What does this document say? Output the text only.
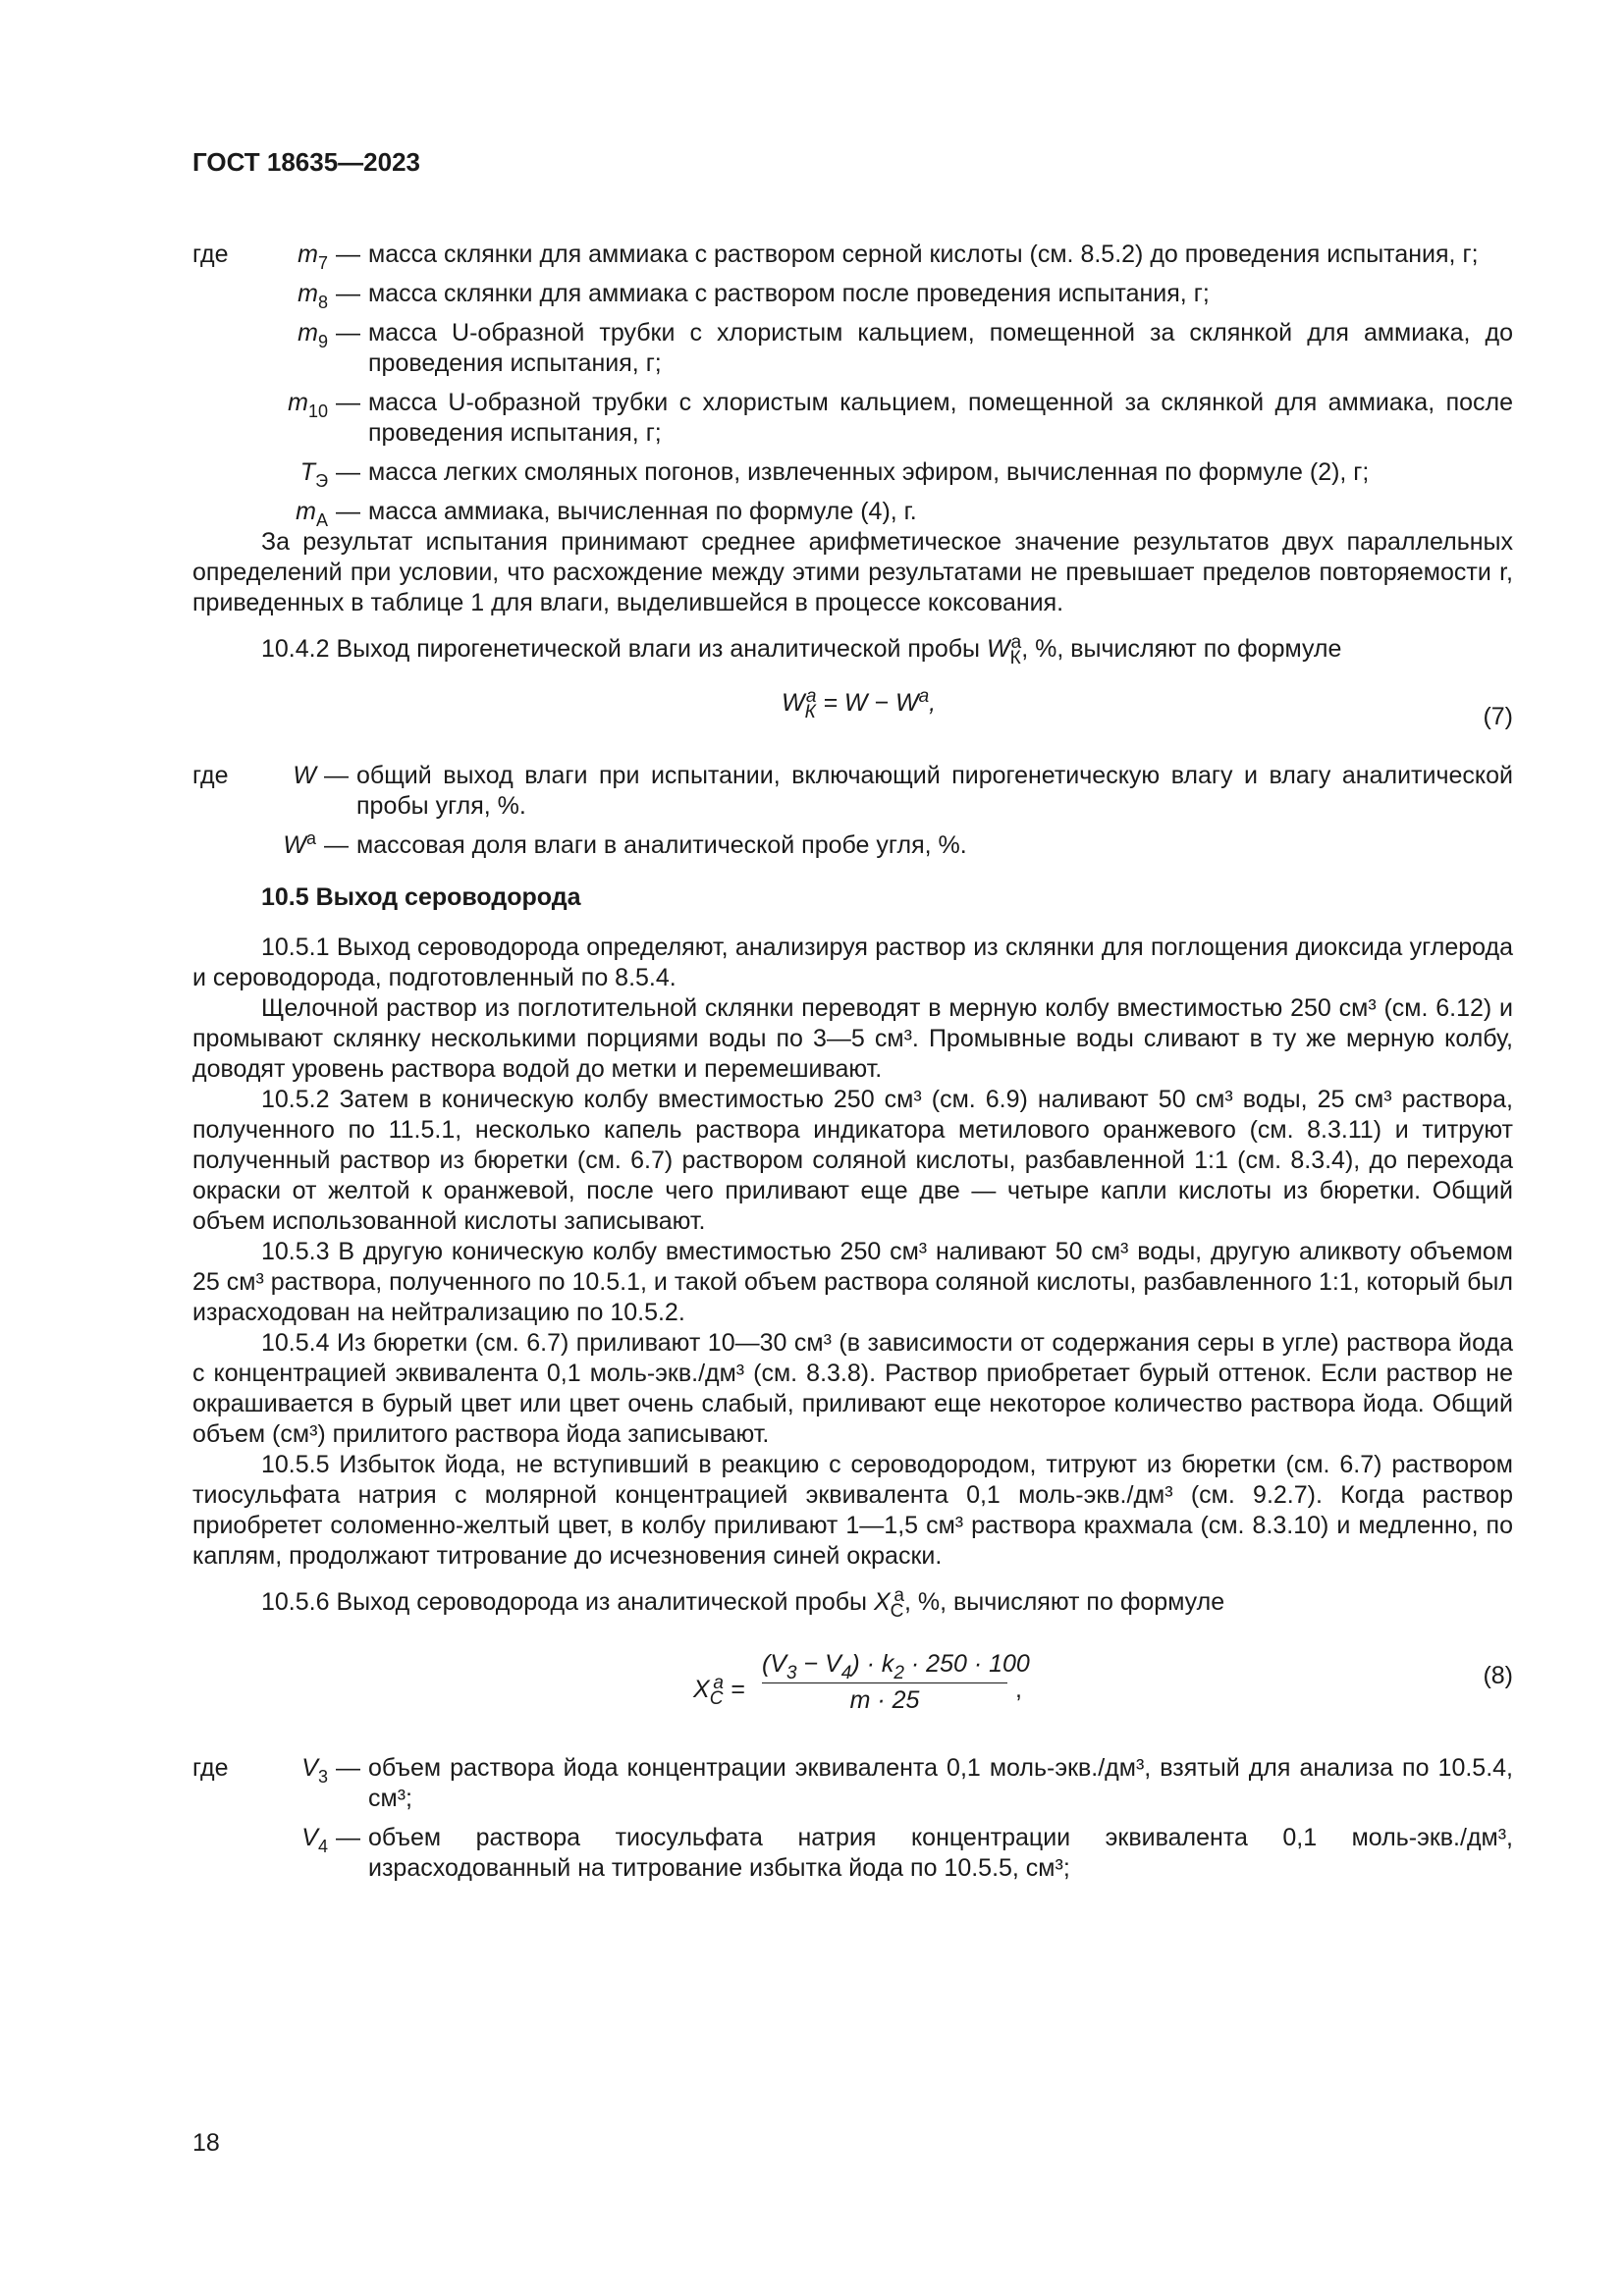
ГОСТ 18635—2023
где	$m_7$ — масса склянки для аммиака с раствором серной кислоты (см. 8.5.2) до проведения испытания, г;
$m_8$ — масса склянки для аммиака с раствором после проведения испытания, г;
$m_9$ — масса U-образной трубки с хлористым кальцием, помещенной за склянкой для аммиака, до проведения испытания, г;
$m_{10}$ — масса U-образной трубки с хлористым кальцием, помещенной за склянкой для аммиака, после проведения испытания, г;
$T_Э$ — масса легких смоляных погонов, извлеченных эфиром, вычисленная по формуле (2), г;
$m_A$ — масса аммиака, вычисленная по формуле (4), г.

За результат испытания принимают среднее арифметическое значение результатов двух параллельных определений при условии, что расхождение между этими результатами не превышает пределов повторяемости r, приведенных в таблице 1 для влаги, выделившейся в процессе коксования.

10.4.2 Выход пирогенетической влаги из аналитической пробы $W_К^а$, %, вычисляют по формуле

$W_К^а = W - W^а$,	(7)
где	W — общий выход влаги при испытании, включающий пирогенетическую влагу и влагу аналитической пробы угля, %.
$W^a$ — массовая доля влаги в аналитической пробе угля, %.
10.5 Выход сероводорода

10.5.1 Выход сероводорода определяют, анализируя раствор из склянки для поглощения диоксида углерода и сероводорода, подготовленный по 8.5.4.

Щелочной раствор из поглотительной склянки переводят в мерную колбу вместимостью 250 см³ (см. 6.12) и промывают склянку несколькими порциями воды по 3—5 см³. Промывные воды сливают в ту же мерную колбу, доводят уровень раствора водой до метки и перемешивают.

10.5.2 Затем в коническую колбу вместимостью 250 см³ (см. 6.9) наливают 50 см³ воды, 25 см³ раствора, полученного по 11.5.1, несколько капель раствора индикатора метилового оранжевого (см. 8.3.11) и титруют полученный раствор из бюретки (см. 6.7) раствором соляной кислоты, разбавленной 1:1 (см. 8.3.4), до перехода окраски от желтой к оранжевой, после чего приливают еще две — четыре капли кислоты из бюретки. Общий объем использованной кислоты записывают.

10.5.3 В другую коническую колбу вместимостью 250 см³ наливают 50 см³ воды, другую аликвоту объемом 25 см³ раствора, полученного по 10.5.1, и такой объем раствора соляной кислоты, разбавленного 1:1, который был израсходован на нейтрализацию по 10.5.2.

10.5.4 Из бюретки (см. 6.7) приливают 10—30 см³ (в зависимости от содержания серы в угле) раствора йода с концентрацией эквивалента 0,1 моль-экв./дм³ (см. 8.3.8). Раствор приобретает бурый оттенок. Если раствор не окрашивается в бурый цвет или цвет очень слабый, приливают еще некоторое количество раствора йода. Общий объем (см³) прилитого раствора йода записывают.

10.5.5 Избыток йода, не вступивший в реакцию с сероводородом, титруют из бюретки (см. 6.7) раствором тиосульфата натрия с молярной концентрацией эквивалента 0,1 моль-экв./дм³ (см. 9.2.7). Когда раствор приобретет соломенно-желтый цвет, в колбу приливают 1—1,5 см³ раствора крахмала (см. 8.3.10) и медленно, по каплям, продолжают титрование до исчезновения синей окраски.

10.5.6 Выход сероводорода из аналитической пробы $X_С^а$, %, вычисляют по формуле

$X_С^а = \frac{(V_3 - V_4) \cdot k_2 \cdot 250 \cdot 100}{m \cdot 25}$ ,	(8)
где	$V_3$ — объем раствора йода концентрации эквивалента 0,1 моль-экв./дм³, взятый для анализа по 10.5.4, см³;
$V_4$ — объем раствора тиосульфата натрия концентрации эквивалента 0,1 моль-экв./дм³, израсходованный на титрование избытка йода по 10.5.5, см³;
18
